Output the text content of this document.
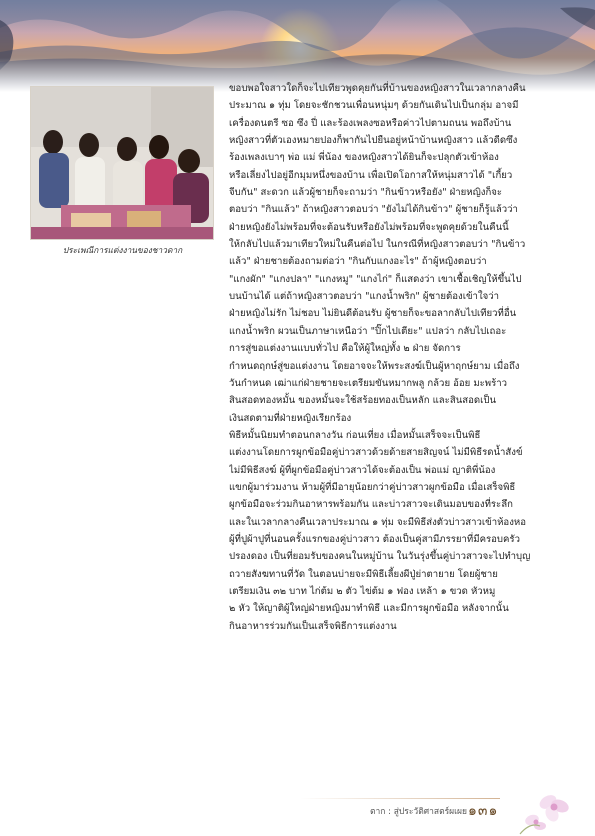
ประเพณีการแต่งงานของชาวดาก
ขอบพอใจสาวใดก็จะไปเทียวพูดคุยกันที่บ้านของหญิงสาวในเวลากลางคืน
ประมาณ ๑ ทุ่ม โดยจะชักชวนเพื่อนหนุ่มๆ ด้วยกันเดินไปเป็นกลุ่ม อาจมี
เครื่องดนตรี ซอ ซึง ปี่ และร้องเพลงซอหรือค่าวไปตามถนน พอถึงบ้าน
หญิงสาวที่ตัวเองหมายปองก็พากันไปยืนอยู่หน้าบ้านหญิงสาว แล้วดีดซึง
ร้องเพลงเบาๆ พ่อ แม่ พี่น้อง ของหญิงสาวได้ยินก็จะปลุกตัวเข้าห้อง
หรือเลี่ยงไปอยู่อีกมุมหนึ่งของบ้าน เพื่อเปิดโอกาสให้หนุ่มสาวได้ "เกี้ยว
จีบกัน" สะดวก แล้วผู้ชายก็จะถามว่า "กินข้าวหรือยัง" ฝ่ายหญิงก็จะ
ตอบว่า "กินแล้ว" ถ้าหญิงสาวตอบว่า "ยังไม่ได้กินข้าว" ผู้ชายก็รู้แล้วว่า
ฝ่ายหญิงยังไม่พร้อมที่จะต้อนรับหรือยังไม่พร้อมที่จะพูดคุยด้วยในคืนนี้
ให้กลับไปแล้วมาเทียวใหม่ในคืนต่อไป ในกรณีที่หญิงสาวตอบว่า "กินข้าว
แล้ว" ฝ่ายชายต้องถามต่อว่า "กินกับแกงอะไร" ถ้าผู้หญิงตอบว่า
"แกงผัก" "แกงปลา" "แกงหมู" "แกงไก่" ก็แสดงว่า เขาเชื้อเชิญให้ขึ้นไป
บนบ้านได้ แต่ถ้าหญิงสาวตอบว่า "แกงน้ำพริก" ผู้ชายต้องเข้าใจว่า
ฝ่ายหญิงไม่รัก ไม่ชอบ ไม่ยินดีต้อนรับ ผู้ชายก็จะขอลากลับไปเทียวที่อื่น
แกงน้ำพริก ผวนเป็นภาษาเหนือว่า "ปิ๊กไปเตียะ" แปลว่า กลับไปเถอะ
การสู่ขอแต่งงานแบบทั่วไป คือให้ผู้ใหญ่ทั้ง ๒ ฝ่าย จัดการ
กำหนดฤกษ์สู่ขอแต่งงาน โดยอาจจะให้พระสงฆ์เป็นผู้หาฤกษ์ยาม เมื่อถึง
วันกำหนด เฒ่าแก่ฝ่ายชายจะเตรียมขันหมากพลู กล้วย อ้อย มะพร้าว
สินสอดทองหมั้น ของหมั้นจะใช้สร้อยทองเป็นหลัก และสินสอดเป็น
เงินสดตามที่ฝ่ายหญิงเรียกร้อง
พิธีหมั้นนิยมทำตอนกลางวัน ก่อนเที่ยง เมื่อหมั้นเสร็จจะเป็นพิธี
แต่งงานโดยการผูกข้อมือคู่บ่าวสาวด้วยด้ายสายสิญจน์ ไม่มีพิธีรดน้ำสังข์
ไม่มีพิธีสงฆ์ ผู้ที่ผูกข้อมือคู่บ่าวสาวได้จะต้องเป็น พ่อแม่ ญาติพี่น้อง
แขกผู้มาร่วมงาน ห้ามผู้ที่มีอายุน้อยกว่าคู่บ่าวสาวผูกข้อมือ เมื่อเสร็จพิธี
ผูกข้อมือจะร่วมกินอาหารพร้อมกัน และบ่าวสาวจะเดินมอบของที่ระลึก
และในเวลากลางคืนเวลาประมาณ ๑ ทุ่ม จะมีพิธีส่งตัวบ่าวสาวเข้าห้องหอ
ผู้ที่ปูผ้าปูที่นอนครั้งแรกของคู่บ่าวสาว ต้องเป็นคู่สามีภรรยาที่มีครอบครัว
ปรองดอง เป็นที่ยอมรับของคนในหมู่บ้าน ในวันรุ่งขึ้นคู่บ่าวสาวจะไปทำบุญ
ถวายสังฆทานที่วัด ในตอนบ่ายจะมีพิธีเลี้ยงผีปู่ย่าตายาย โดยผู้ชาย
เตรียมเงิน ๓๒ บาท ไก่ต้ม ๒ ตัว ไข่ต้ม ๑ ฟอง เหล้า ๑ ขวด หัวหมู
๒ หัว ให้ญาติผู้ใหญ่ฝ่ายหญิงมาทำพิธี และมีการผูกข้อมือ หลังจากนั้น
กินอาหารร่วมกันเป็นเสร็จพิธีการแต่งงาน
ตาก : สู่ประวัติศาสตร์ผเผย ๑๓๑
